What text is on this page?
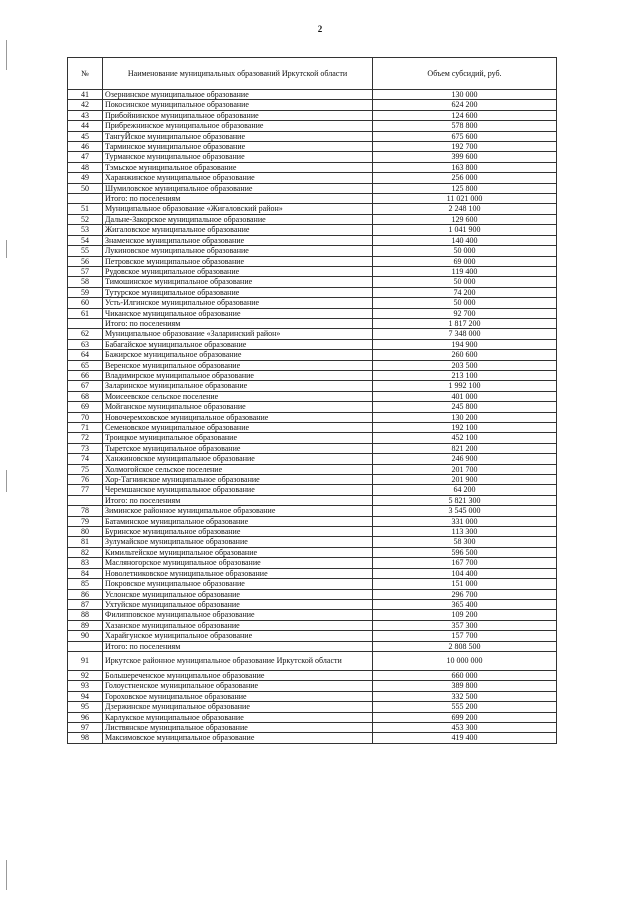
2
№	Наименование муниципальных образований Иркутской области	Объем субсидий, руб.
41	Озернинское муниципальное образование	130 000
42	Покосинское муниципальное образование	624 200
43	Прибойнинское муниципальное образование	124 600
44	Прибрежнинское муниципальное образование	578 800
45	ТангуЙское муниципальное образование	675 600
46	Тарминское муниципальное образование	192 700
47	Турманское муниципальное образование	399 600
48	Тэмьское муниципальное образование	163 800
49	Харанжинское муниципальное образование	256 000
50	Шумиловское муниципальное образование	125 800
	Итого: по поселениям	11 021 000
51	Муниципальное образование «Жигаловский район»	2 248 100
52	Дальне-Закорское муниципальное образование	129 600
53	Жигаловское муниципальное образование	1 041 900
54	Знаменское муниципальное образование	140 400
55	Лукиновское муниципальное образование	50 000
56	Петровское муниципальное образование	69 000
57	Рудовское муниципальное образование	119 400
58	Тимошинское муниципальное образование	50 000
59	Тутурское муниципальное образование	74 200
60	Усть-Илгинское муниципальное образование	50 000
61	Чиканское муниципальное образование	92 700
	Итого: по поселениям	1 817 200
62	Муниципальное образование «Заларинский район»	7 348 000
63	Бабагайское муниципальное образование	194 900
64	Бажирское муниципальное образование	260 600
65	Веренское муниципальное образование	203 500
66	Владимирское муниципальное образование	213 100
67	Заларинское муниципальное образование	1 992 100
68	Моисеевское сельское поселение	401 000
69	Мойганское муниципальное образование	245 800
70	Новочеремховское муниципальное образование	130 200
71	Семеновское муниципальное образование	192 100
72	Троицкое муниципальное образование	452 100
73	Тыретское муниципальное образование	821 200
74	Ханжиновское муниципальное образование	246 900
75	Холмогойское сельское поселение	201 700
76	Хор-Тагнинское муниципальное образование	201 900
77	Черемшанское муниципальное образование	64 200
	Итого: по поселениям	5 821 300
78	Зиминское районное муниципальное образование	3 545 000
79	Батаминское муниципальное образование	331 000
80	Буринское муниципальное образование	113 300
81	Зулумайское муниципальное образование	58 300
82	Кимильтейское муниципальное образование	596 500
83	Масляногорское муниципальное образование	167 700
84	Новолетниковское муниципальное образование	104 400
85	Покровское муниципальное образование	151 000
86	Услонское муниципальное образование	296 700
87	Ухтуйское муниципальное образование	365 400
88	Филипповское муниципальное образование	109 200
89	Хазанское муниципальное образование	357 300
90	Харайгунское муниципальное образование	157 700
	Итого: по поселениям	2 808 500
91	Иркутское районное муниципальное образование Иркутской области	10 000 000
92	Большереченское муниципальное образование	660 000
93	Голоустненское муниципальное образование	389 800
94	Гороховское муниципальное образование	332 500
95	Дзержинское муниципальное образование	555 200
96	Карлукское муниципальное образование	699 200
97	Листвянское муниципальное образование	453 300
98	Максимовское муниципальное образование	419 400
